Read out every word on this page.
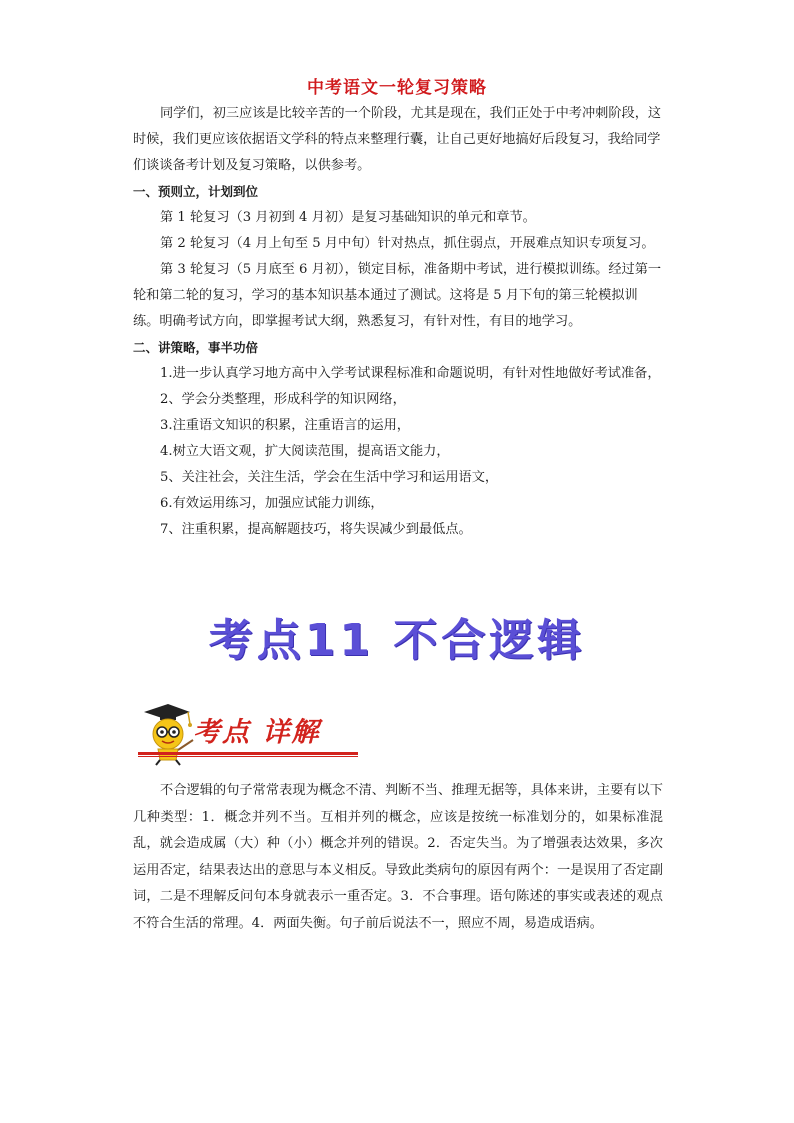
中考语文一轮复习策略

同学们，初三应该是比较辛苦的一个阶段，尤其是现在，我们正处于中考冲刺阶段，这时候，我们更应该依据语文学科的特点来整理行囊，让自己更好地搞好后段复习，我给同学们谈谈备考计划及复习策略，以供参考。

一、预则立，计划到位

第 1 轮复习（3 月初到 4 月初）是复习基础知识的单元和章节。

第 2 轮复习（4 月上旬至 5 月中旬）针对热点，抓住弱点，开展难点知识专项复习。

第 3 轮复习（5 月底至 6 月初），锁定目标，准备期中考试，进行模拟训练。经过第一轮和第二轮的复习，学习的基本知识基本通过了测试。这将是 5 月下旬的第三轮模拟训练。明确考试方向，即掌握考试大纲，熟悉复习，有针对性，有目的地学习。

二、讲策略，事半功倍

1.进一步认真学习地方高中入学考试课程标准和命题说明，有针对性地做好考试准备，

2、学会分类整理，形成科学的知识网络，

3.注重语文知识的积累，注重语言的运用，

4.树立大语文观，扩大阅读范围，提高语文能力，

5、关注社会，关注生活，学会在生活中学习和运用语文，

6.有效运用练习，加强应试能力训练，

7、注重积累，提高解题技巧，将失误减少到最低点。

考点11 不合逻辑
考点 详解

不合逻辑的句子常常表现为概念不清、判断不当、推理无据等，具体来讲，主要有以下几种类型：1．概念并列不当。互相并列的概念，应该是按统一标准划分的，如果标准混乱，就会造成属（大）种（小）概念并列的错误。2．否定失当。为了增强表达效果，多次运用否定，结果表达出的意思与本义相反。导致此类病句的原因有两个：一是误用了否定副词，二是不理解反问句本身就表示一重否定。3．不合事理。语句陈述的事实或表述的观点不符合生活的常理。4．两面失衡。句子前后说法不一，照应不周，易造成语病。
